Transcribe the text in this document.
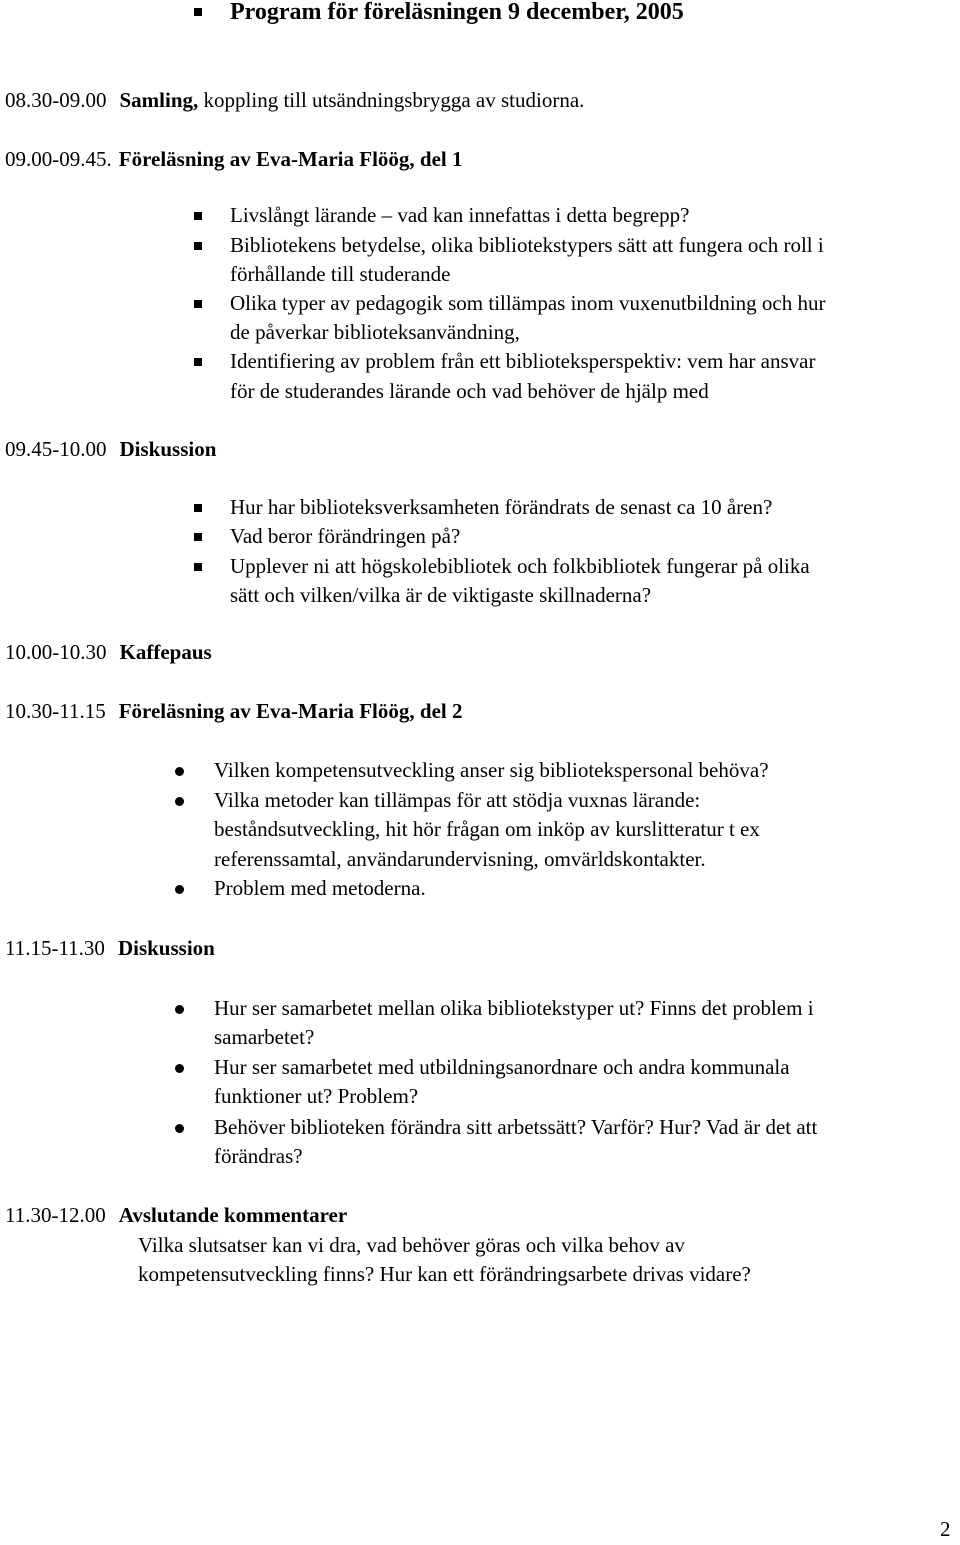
Program för föreläsningen 9 december, 2005
08.30-09.00 Samling, koppling till utsändningsbrygga av studiorna.
09.00-09.45. Föreläsning av Eva-Maria Flöög, del 1
Livslångt lärande – vad kan innefattas i detta begrepp?
Bibliotekens betydelse, olika bibliotekstypers sätt att fungera och roll i
förhållande till studerande
Olika typer av pedagogik som tillämpas inom vuxenutbildning och hur
de påverkar biblioteksanvändning,
Identifiering av problem från ett biblioteksperspektiv: vem har ansvar
för de studerandes lärande och vad behöver de hjälp med
09.45-10.00 Diskussion
Hur har biblioteksverksamheten förändrats de senast ca 10 åren?
Vad beror förändringen på?
Upplever ni att högskolebibliotek och folkbibliotek fungerar på olika
sätt och vilken/vilka är de viktigaste skillnaderna?
10.00-10.30 Kaffepaus
10.30-11.15 Föreläsning av Eva-Maria Flöög, del 2
Vilken kompetensutveckling anser sig bibliotekspersonal behöva?
Vilka metoder kan tillämpas för att stödja vuxnas lärande:
beståndsutveckling, hit hör frågan om inköp av kurslitteratur t ex
referenssamtal, användarundervisning, omvärldskontakter.
Problem med metoderna.
11.15-11.30 Diskussion
Hur ser samarbetet mellan olika bibliotekstyper ut? Finns det problem i
samarbetet?
Hur ser samarbetet med utbildningsanordnare och andra kommunala
funktioner ut? Problem?
Behöver biblioteken förändra sitt arbetssätt? Varför? Hur? Vad är det att
förändras?
11.30-12.00 Avslutande kommentarer
Vilka slutsatser kan vi dra, vad behöver göras och vilka behov av
kompetensutveckling finns? Hur kan ett förändringsarbete drivas vidare?
2
